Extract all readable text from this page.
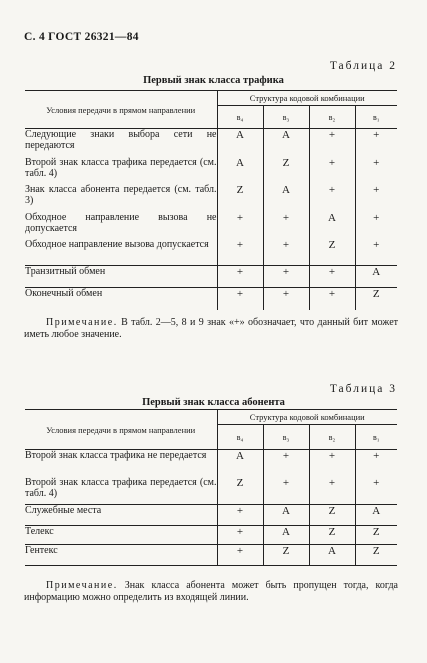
С. 4 ГОСТ 26321—84
Таблица 2
Первый знак класса трафика
Условия передачи в прямом направлении	Структура кодовой комбинации			
	в₄	в₃	в₂	в₁
Следующие знаки выбора сети не передаются	A	A	+	+
Второй знак класса трафика передается (см. табл. 4)	A	Z	+	+
Знак класса абонента передается (см. табл. 3)	Z	A	+	+
Обходное направление вызова не допускается	+	+	A	+
Обходное направление вызова допускается	+	+	Z	+
Транзитный обмен	+	+	+	A
Оконечный обмен	+	+	+	Z
Примечание. В табл. 2—5, 8 и 9 знак «+» обозначает, что данный бит может иметь любое значение.
Таблица 3
Первый знак класса абонента
Условия передачи в прямом направлении	Структура кодовой комбинации			
	в₄	в₃	в₂	в₁
Второй знак класса трафика не передается	A	+	+	+
Второй знак класса трафика передается (см. табл. 4)	Z	+	+	+
Служебные места	+	A	Z	A
Телекс	+	A	Z	Z
Гентекс	+	Z	A	Z
Примечание. Знак класса абонента может быть пропущен тогда, когда информацию можно определить из входящей линии.
